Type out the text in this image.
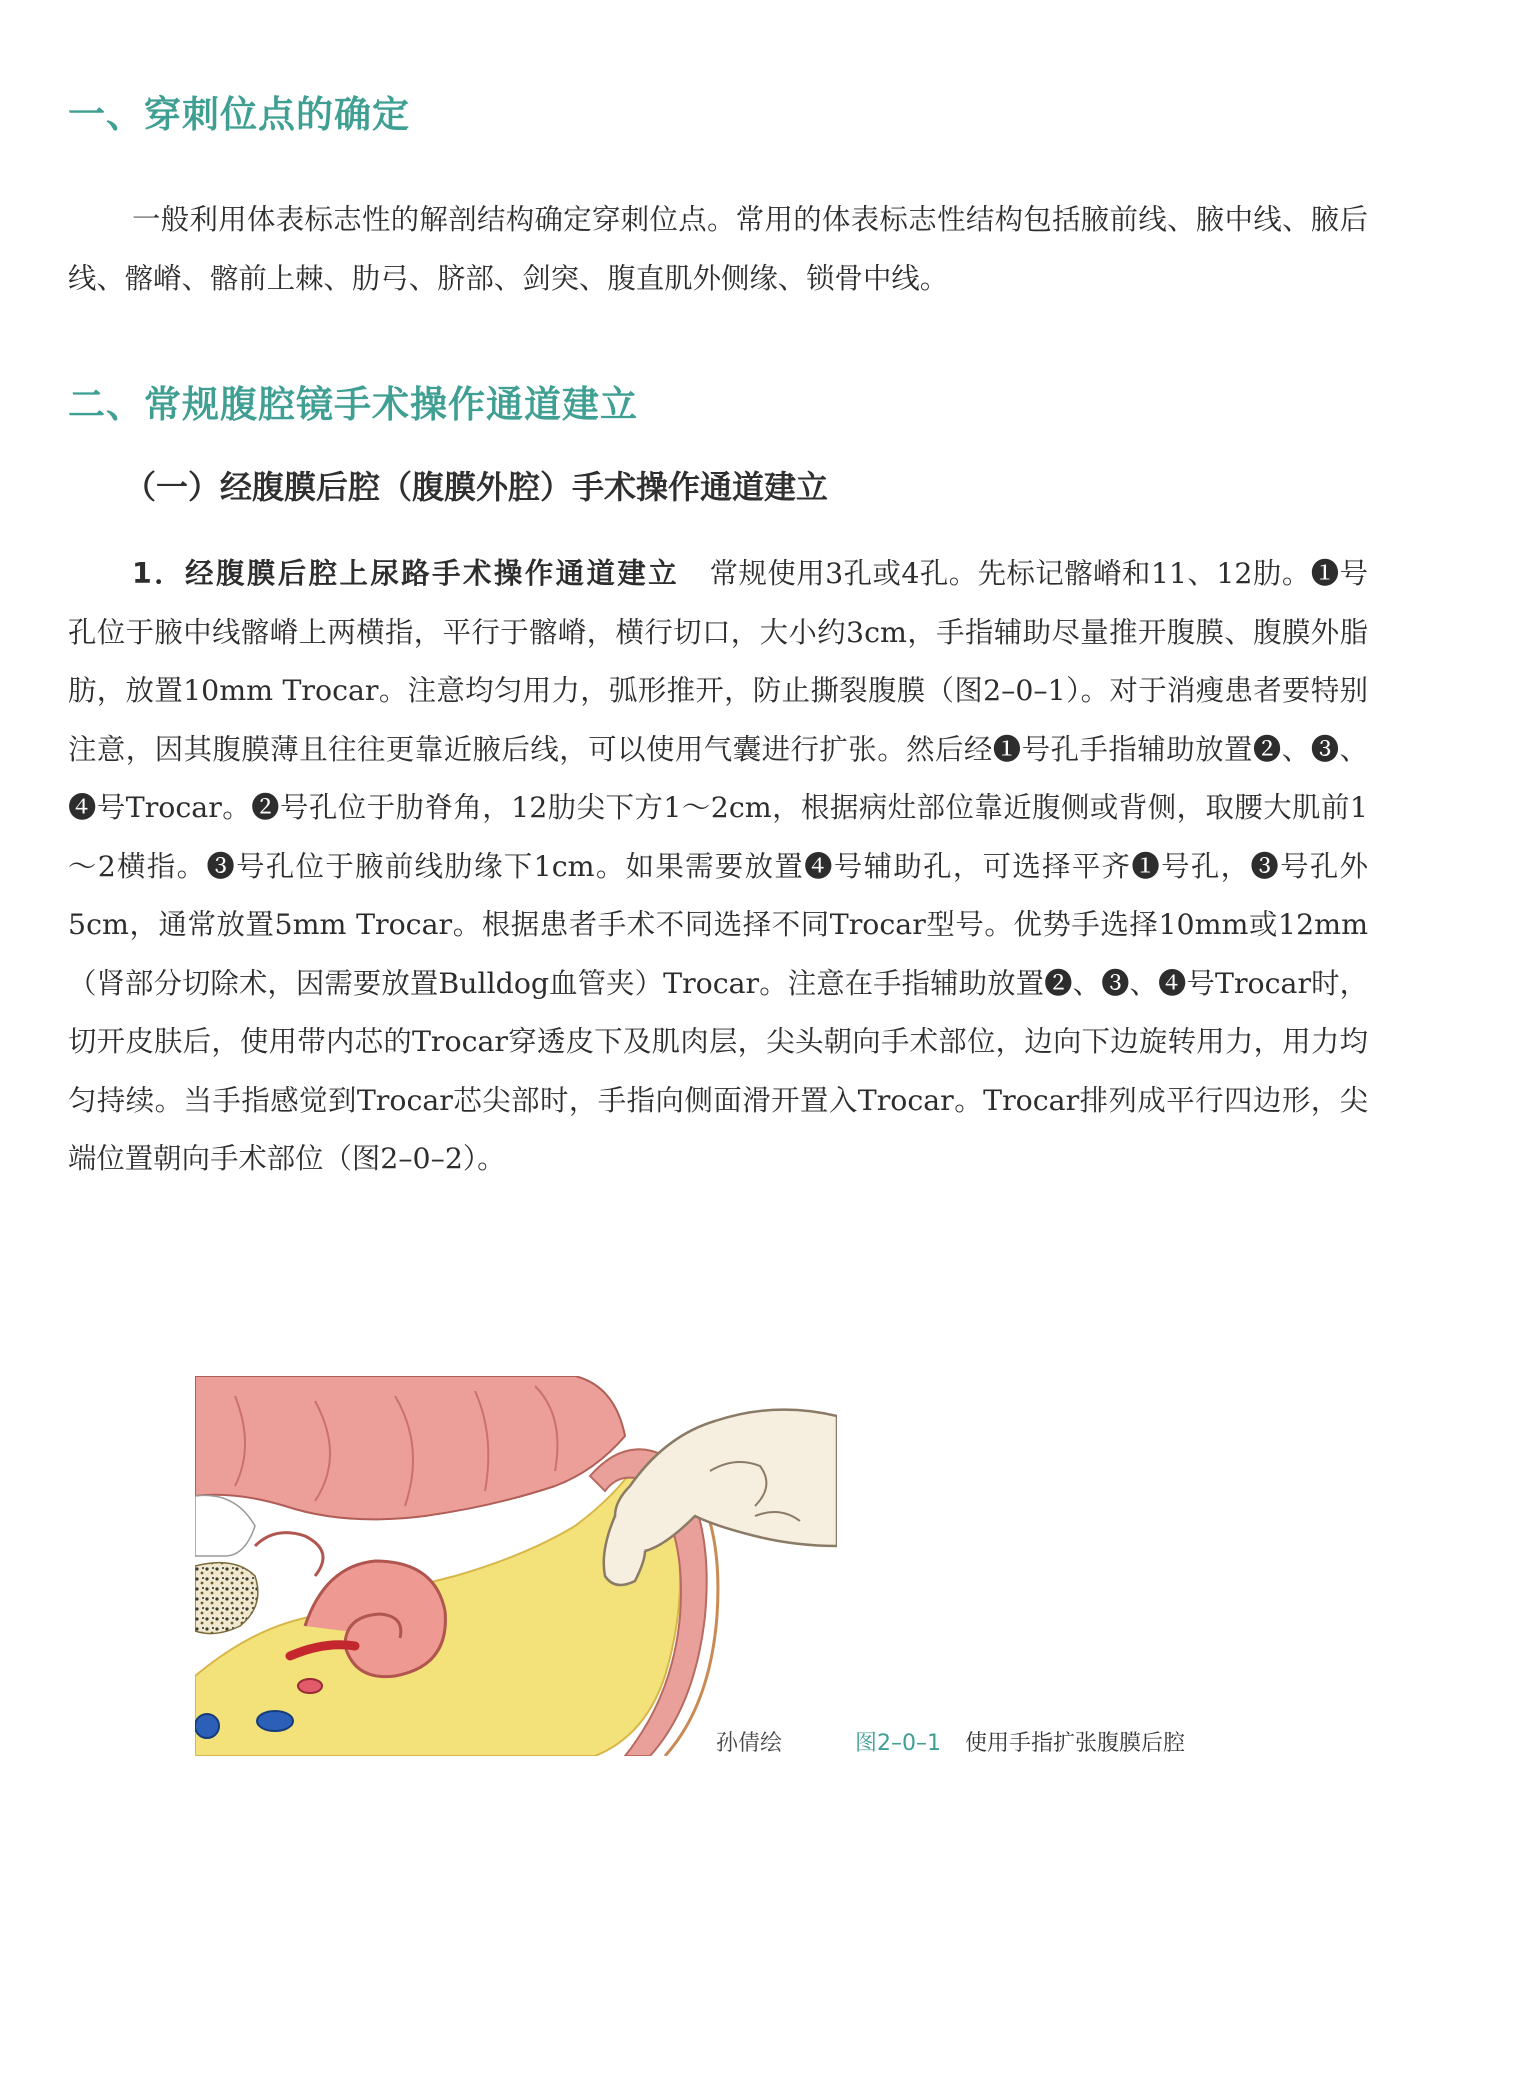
一、穿刺位点的确定
一般利用体表标志性的解剖结构确定穿刺位点。常用的体表标志性结构包括腋前线、腋中线、腋后线、髂嵴、髂前上棘、肋弓、脐部、剑突、腹直肌外侧缘、锁骨中线。
二、常规腹腔镜手术操作通道建立
（一）经腹膜后腔（腹膜外腔）手术操作通道建立
1．经腹膜后腔上尿路手术操作通道建立 常规使用3孔或4孔。先标记髂嵴和11、12肋。❶号孔位于腋中线髂嵴上两横指，平行于髂嵴，横行切口，大小约3cm，手指辅助尽量推开腹膜、腹膜外脂肪，放置10mm Trocar。注意均匀用力，弧形推开，防止撕裂腹膜（图2–0–1）。对于消瘦患者要特别注意，因其腹膜薄且往往更靠近腋后线，可以使用气囊进行扩张。然后经❶号孔手指辅助放置❷、❸、❹号Trocar。❷号孔位于肋脊角，12肋尖下方1～2cm，根据病灶部位靠近腹侧或背侧，取腰大肌前1～2横指。❸号孔位于腋前线肋缘下1cm。如果需要放置❹号辅助孔，可选择平齐❶号孔，❸号孔外5cm，通常放置5mm Trocar。根据患者手术不同选择不同Trocar型号。优势手选择10mm或12mm（肾部分切除术，因需要放置Bulldog血管夹）Trocar。注意在手指辅助放置❷、❸、❹号Trocar时，切开皮肤后，使用带内芯的Trocar穿透皮下及肌肉层，尖头朝向手术部位，边向下边旋转用力，用力均匀持续。当手指感觉到Trocar芯尖部时，手指向侧面滑开置入Trocar。Trocar排列成平行四边形，尖端位置朝向手术部位（图2–0–2）。
孙倩绘	图2–0–1 使用手指扩张腹膜后腔
